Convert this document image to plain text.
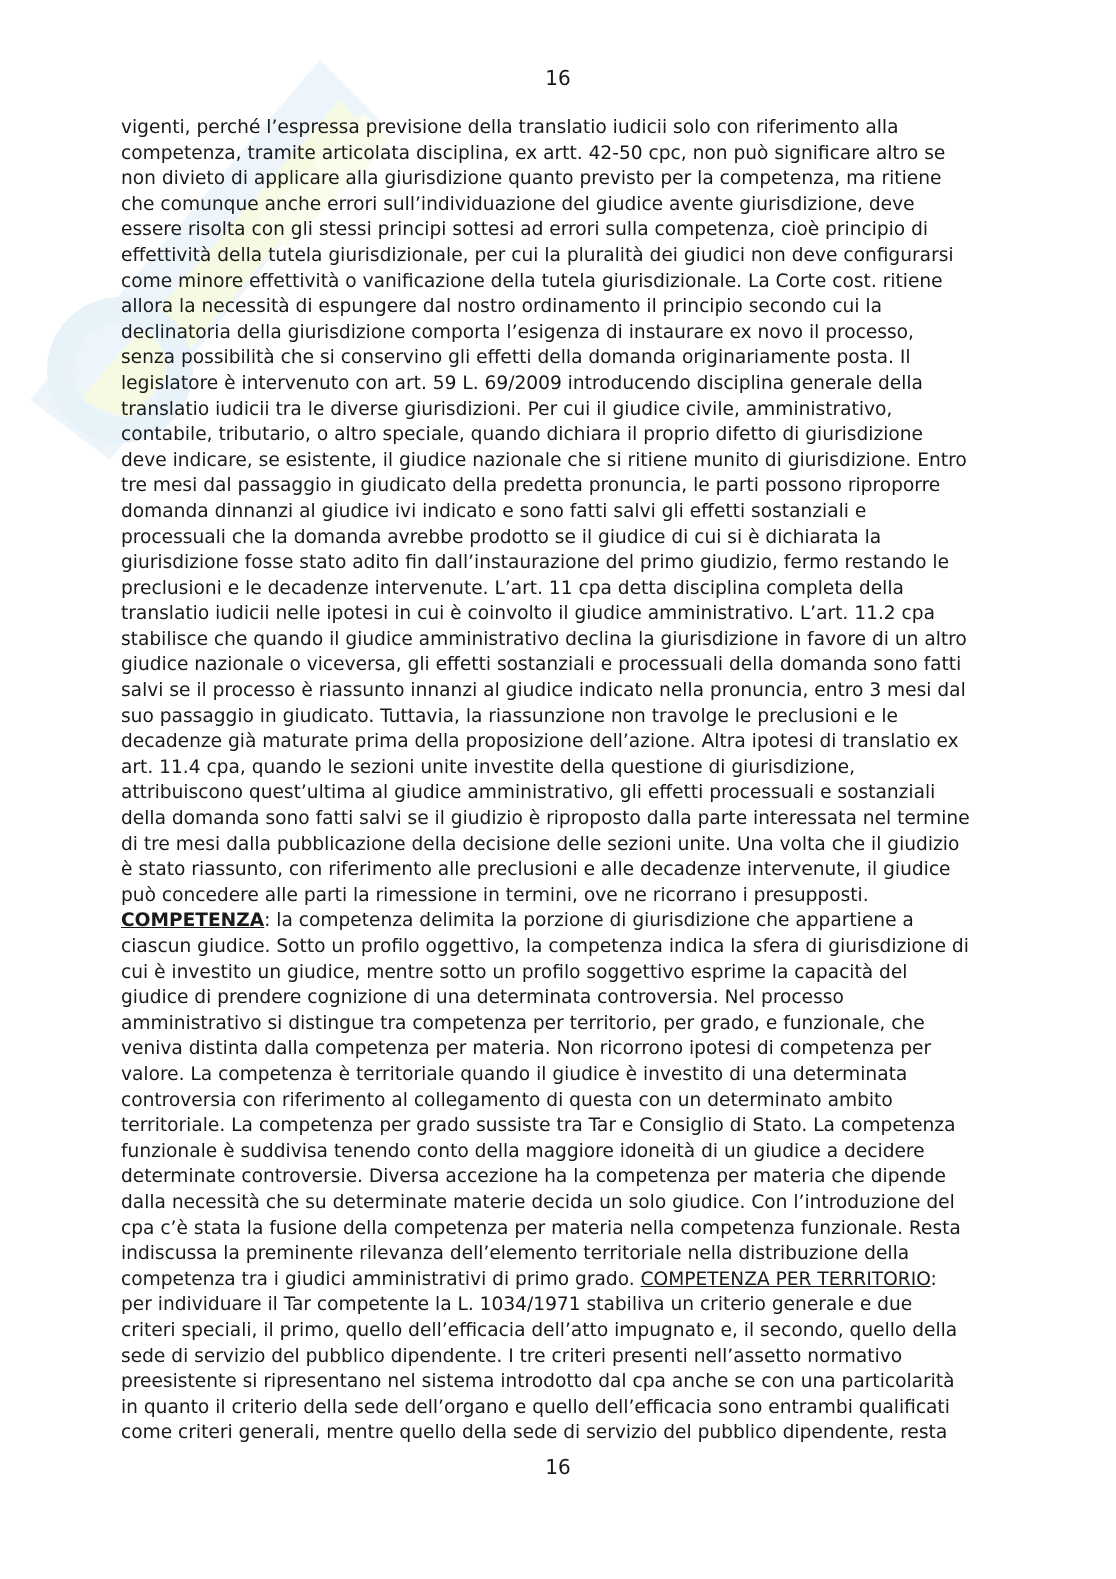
16
vigenti, perché l’espressa previsione della translatio iudicii solo con riferimento alla
competenza, tramite articolata disciplina, ex artt. 42-50 cpc, non può significare altro se
non divieto di applicare alla giurisdizione quanto previsto per la competenza, ma ritiene
che comunque anche errori sull’individuazione del giudice avente giurisdizione, deve
essere risolta con gli stessi principi sottesi ad errori sulla competenza, cioè principio di
effettività della tutela giurisdizionale, per cui la pluralità dei giudici non deve configurarsi
come minore effettività o vanificazione della tutela giurisdizionale. La Corte cost. ritiene
allora la necessità di espungere dal nostro ordinamento il principio secondo cui la
declinatoria della giurisdizione comporta l’esigenza di instaurare ex novo il processo,
senza possibilità che si conservino gli effetti della domanda originariamente posta. Il
legislatore è intervenuto con art. 59 L. 69/2009 introducendo disciplina generale della
translatio iudicii tra le diverse giurisdizioni. Per cui il giudice civile, amministrativo,
contabile, tributario, o altro speciale, quando dichiara il proprio difetto di giurisdizione
deve indicare, se esistente, il giudice nazionale che si ritiene munito di giurisdizione. Entro
tre mesi dal passaggio in giudicato della predetta pronuncia, le parti possono riproporre
domanda dinnanzi al giudice ivi indicato e sono fatti salvi gli effetti sostanziali e
processuali che la domanda avrebbe prodotto se il giudice di cui si è dichiarata la
giurisdizione fosse stato adito fin dall’instaurazione del primo giudizio, fermo restando le
preclusioni e le decadenze intervenute. L’art. 11 cpa detta disciplina completa della
translatio iudicii nelle ipotesi in cui è coinvolto il giudice amministrativo. L’art. 11.2 cpa
stabilisce che quando il giudice amministrativo declina la giurisdizione in favore di un altro
giudice nazionale o viceversa, gli effetti sostanziali e processuali della domanda sono fatti
salvi se il processo è riassunto innanzi al giudice indicato nella pronuncia, entro 3 mesi dal
suo passaggio in giudicato. Tuttavia, la riassunzione non travolge le preclusioni e le
decadenze già maturate prima della proposizione dell’azione. Altra ipotesi di translatio ex
art. 11.4 cpa, quando le sezioni unite investite della questione di giurisdizione,
attribuiscono quest’ultima al giudice amministrativo, gli effetti processuali e sostanziali
della domanda sono fatti salvi se il giudizio è riproposto dalla parte interessata nel termine
di tre mesi dalla pubblicazione della decisione delle sezioni unite. Una volta che il giudizio
è stato riassunto, con riferimento alle preclusioni e alle decadenze intervenute, il giudice
può concedere alle parti la rimessione in termini, ove ne ricorrano i presupposti.
COMPETENZA: la competenza delimita la porzione di giurisdizione che appartiene a
ciascun giudice. Sotto un profilo oggettivo, la competenza indica la sfera di giurisdizione di
cui è investito un giudice, mentre sotto un profilo soggettivo esprime la capacità del
giudice di prendere cognizione di una determinata controversia. Nel processo
amministrativo si distingue tra competenza per territorio, per grado, e funzionale, che
veniva distinta dalla competenza per materia. Non ricorrono ipotesi di competenza per
valore. La competenza è territoriale quando il giudice è investito di una determinata
controversia con riferimento al collegamento di questa con un determinato ambito
territoriale. La competenza per grado sussiste tra Tar e Consiglio di Stato. La competenza
funzionale è suddivisa tenendo conto della maggiore idoneità di un giudice a decidere
determinate controversie. Diversa accezione ha la competenza per materia che dipende
dalla necessità che su determinate materie decida un solo giudice. Con l’introduzione del
cpa c’è stata la fusione della competenza per materia nella competenza funzionale. Resta
indiscussa la preminente rilevanza dell’elemento territoriale nella distribuzione della
competenza tra i giudici amministrativi di primo grado. COMPETENZA PER TERRITORIO:
per individuare il Tar competente la L. 1034/1971 stabiliva un criterio generale e due
criteri speciali, il primo, quello dell’efficacia dell’atto impugnato e, il secondo, quello della
sede di servizio del pubblico dipendente. I tre criteri presenti nell’assetto normativo
preesistente si ripresentano nel sistema introdotto dal cpa anche se con una particolarità
in quanto il criterio della sede dell’organo e quello dell’efficacia sono entrambi qualificati
come criteri generali, mentre quello della sede di servizio del pubblico dipendente, resta
16
